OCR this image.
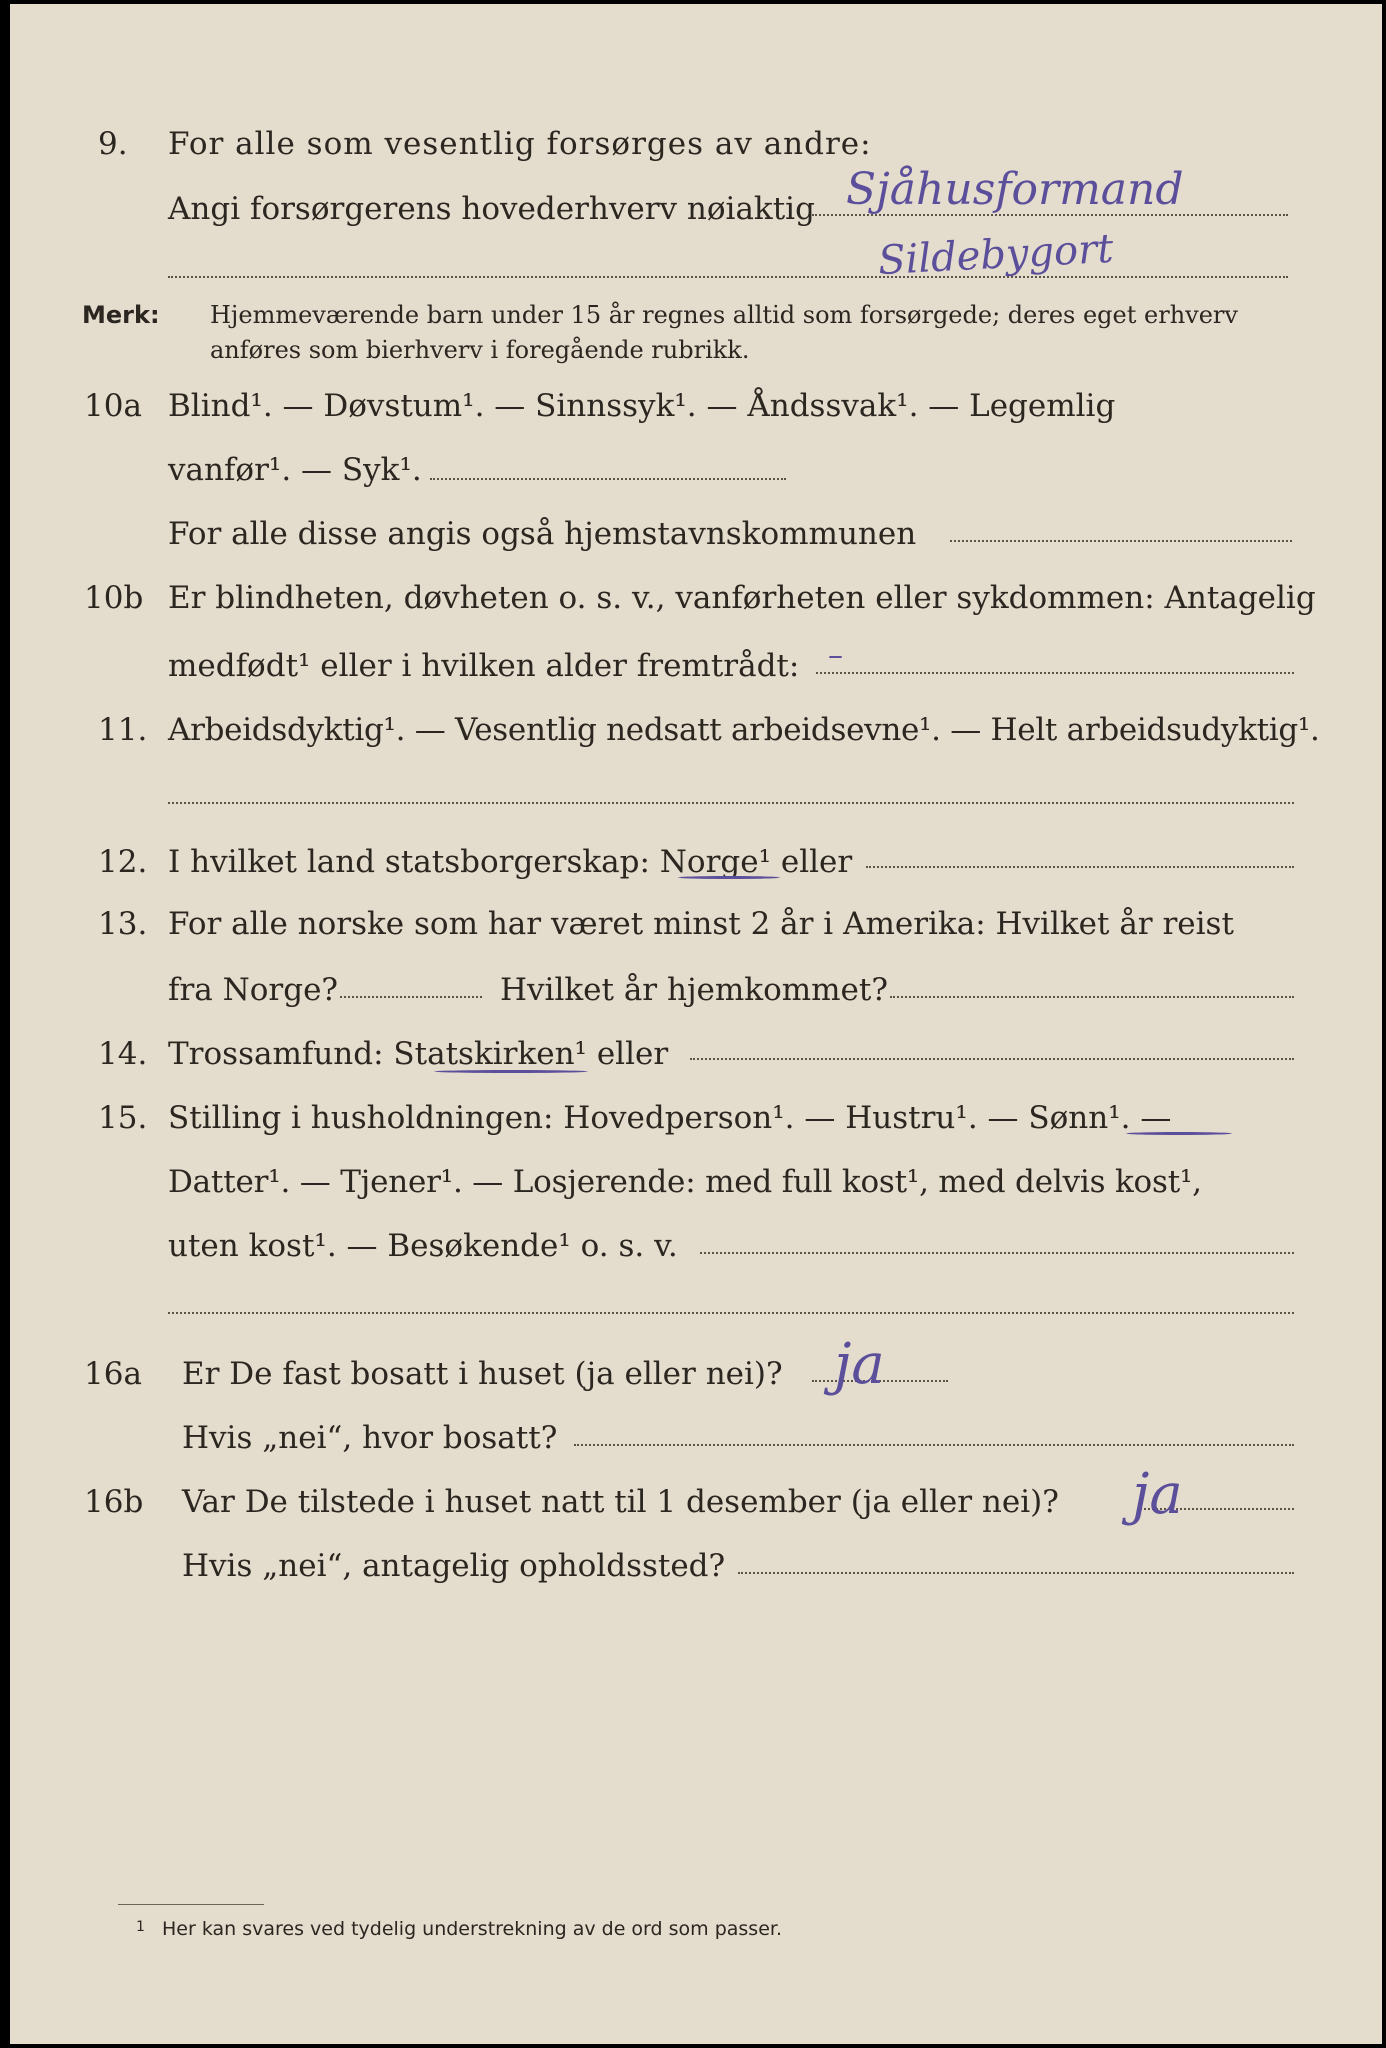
9. For alle som vesentlig forsørges av andre:
Angi forsørgerens hovederhverv nøiaktig Sjåhusformand
Sildebygort
Merk: Hjemmeværende barn under 15 år regnes alltid som forsørgede; deres eget erhverv
anføres som bierhverv i foregående rubrikk.
10a Blind¹. — Døvstum¹. — Sinnssyk¹. — Åndssvak¹. — Legemlig
vanfør¹. — Syk¹.
For alle disse angis også hjemstavnskommunen
10b Er blindheten, døvheten o. s. v., vanførheten eller sykdommen: Antagelig
medfødt¹ eller i hvilken alder fremtrådt: –
11. Arbeidsdyktig¹. — Vesentlig nedsatt arbeidsevne¹. — Helt arbeidsudyktig¹.
12. I hvilket land statsborgerskap: Norge¹ eller
13. For alle norske som har været minst 2 år i Amerika: Hvilket år reist
fra Norge?	Hvilket år hjemkommet?
14. Trossamfund: Statskirken¹ eller
15. Stilling i husholdningen: Hovedperson¹. — Hustru¹. — Sønn¹. —
Datter¹. — Tjener¹. — Losjerende: med full kost¹, med delvis kost¹,
uten kost¹. — Besøkende¹ o. s. v.
16a Er De fast bosatt i huset (ja eller nei)? ja
Hvis „nei“, hvor bosatt?
16b Var De tilstede i huset natt til 1 desember (ja eller nei)? ja
Hvis „nei“, antagelig opholdssted?
1 Her kan svares ved tydelig understrekning av de ord som passer.
